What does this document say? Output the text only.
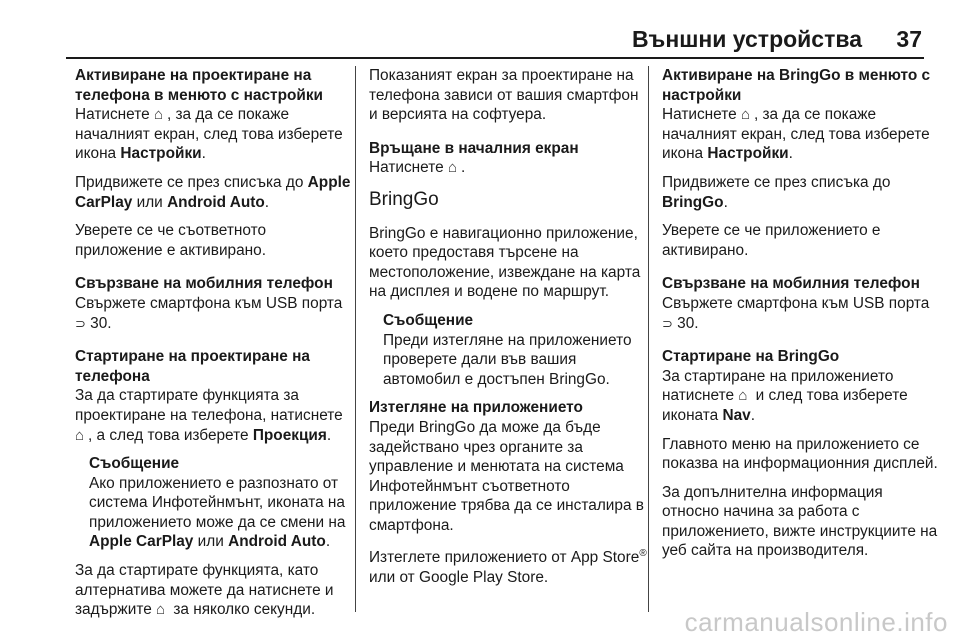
Външни устройства 37
Активиране на проектиране на телефона в менюто с настройки

Натиснете ⌂ , за да се покаже началният екран, след това изберете икона Настройки.

Придвижете се през списъка до Apple CarPlay или Android Auto.

Уверете се че съответното приложение е активирано.

Свързване на мобилния телефон

Свържете смартфона към USB порта ⊃ 30.

Стартиране на проектиране на телефона

За да стартирате функцията за проектиране на телефона, натиснете ⌂ , а след това изберете Проекция.

Съобщение
Ако приложението е разпознато от система Инфотейнмънт, иконата на приложението може да се смени на Apple CarPlay или Android Auto.

За да стартирате функцията, като алтернатива можете да натиснете и задържите ⌂ за няколко секунди.

Показаният екран за проектиране на телефона зависи от вашия смартфон и версията на софтуера.

Връщане в началния екран

Натиснете ⌂ .

BringGo

BringGo е навигационно приложение, което предоставя търсене на местоположение, извеждане на карта на дисплея и водене по маршрут.

Съобщение
Преди изтегляне на приложението проверете дали във вашия автомобил е достъпен BringGo.
Изтегляне на приложението

Преди BringGo да може да бъде задействано чрез органите за управление и менютата на система Инфотейнмънт съответното приложение трябва да се инсталира в смартфона.

Изтеглете приложението от App Store® или от Google Play Store.

Активиране на BringGo в менюто с настройки

Натиснете ⌂ , за да се покаже началният екран, след това изберете икона Настройки.

Придвижете се през списъка до BringGo.

Уверете се че приложението е активирано.

Свързване на мобилния телефон

Свържете смартфона към USB порта ⊃ 30.

Стартиране на BringGo

За стартиране на приложението натиснете ⌂ и след това изберете иконата Nav.

Главното меню на приложението се показва на информационния дисплей.

За допълнителна информация относно начина за работа с приложението, вижте инструкциите на уеб сайта на производителя.

carmanualsonline.info
